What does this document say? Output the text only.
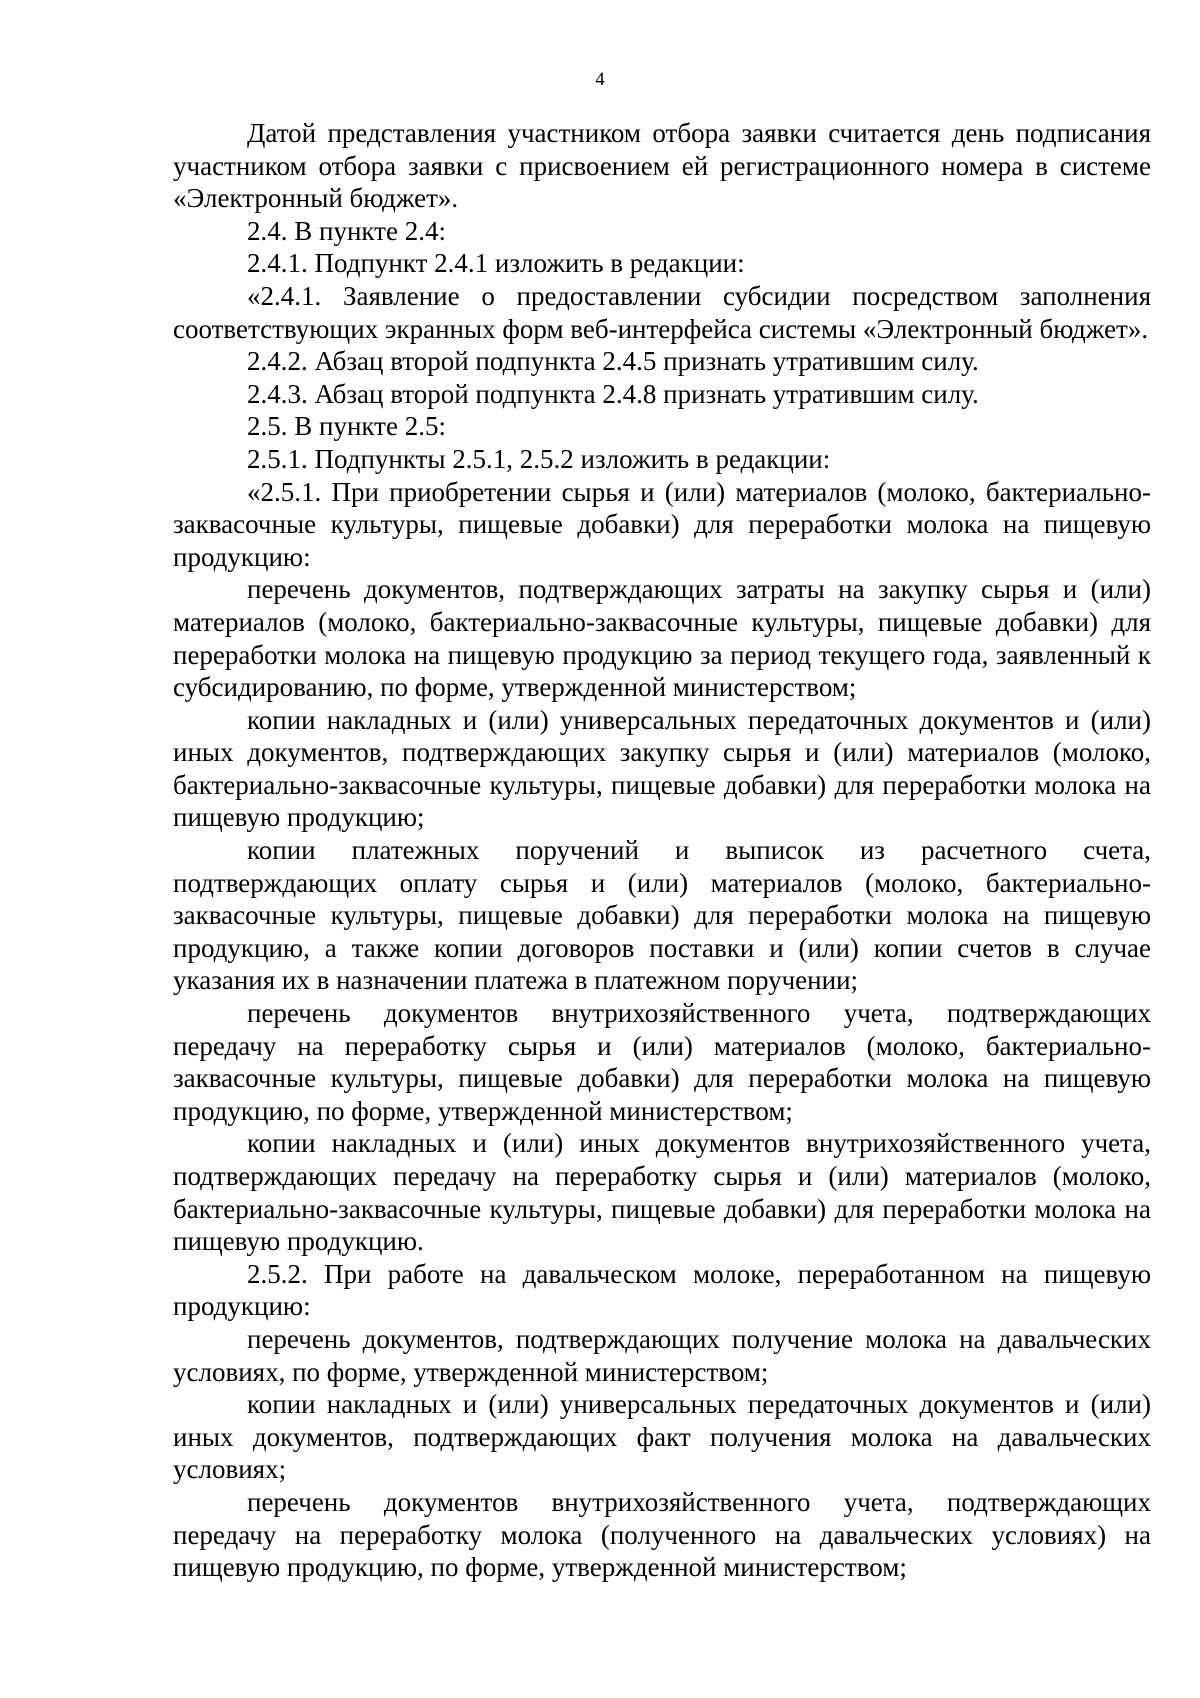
4

Датой представления участником отбора заявки считается день подписания участником отбора заявки с присвоением ей регистрационного номера в системе «Электронный бюджет».

2.4. В пункте 2.4:

2.4.1. Подпункт 2.4.1 изложить в редакции:

«2.4.1. Заявление о предоставлении субсидии посредством заполнения соответствующих экранных форм веб-интерфейса системы «Электронный бюджет».

2.4.2. Абзац второй подпункта 2.4.5 признать утратившим силу.

2.4.3. Абзац второй подпункта 2.4.8 признать утратившим силу.

2.5. В пункте 2.5:

2.5.1. Подпункты 2.5.1, 2.5.2 изложить в редакции:

«2.5.1. При приобретении сырья и (или) материалов (молоко, бактериально-заквасочные культуры, пищевые добавки) для переработки молока на пищевую продукцию:

перечень документов, подтверждающих затраты на закупку сырья и (или) материалов (молоко, бактериально-заквасочные культуры, пищевые добавки) для переработки молока на пищевую продукцию за период текущего года, заявленный к субсидированию, по форме, утвержденной министерством;

копии накладных и (или) универсальных передаточных документов и (или) иных документов, подтверждающих закупку сырья и (или) материалов (молоко, бактериально-заквасочные культуры, пищевые добавки) для переработки молока на пищевую продукцию;

копии платежных поручений и выписок из расчетного счета, подтверждающих оплату сырья и (или) материалов (молоко, бактериально-заквасочные культуры, пищевые добавки) для переработки молока на пищевую продукцию, а также копии договоров поставки и (или) копии счетов в случае указания их в назначении платежа в платежном поручении;

перечень документов внутрихозяйственного учета, подтверждающих передачу на переработку сырья и (или) материалов (молоко, бактериально-заквасочные культуры, пищевые добавки) для переработки молока на пищевую продукцию, по форме, утвержденной министерством;

копии накладных и (или) иных документов внутрихозяйственного учета, подтверждающих передачу на переработку сырья и (или) материалов (молоко, бактериально-заквасочные культуры, пищевые добавки) для переработки молока на пищевую продукцию.

2.5.2. При работе на давальческом молоке, переработанном на пищевую продукцию:

перечень документов, подтверждающих получение молока на давальческих условиях, по форме, утвержденной министерством;

копии накладных и (или) универсальных передаточных документов и (или) иных документов, подтверждающих факт получения молока на давальческих условиях;

перечень документов внутрихозяйственного учета, подтверждающих передачу на переработку молока (полученного на давальческих условиях) на пищевую продукцию, по форме, утвержденной министерством;
